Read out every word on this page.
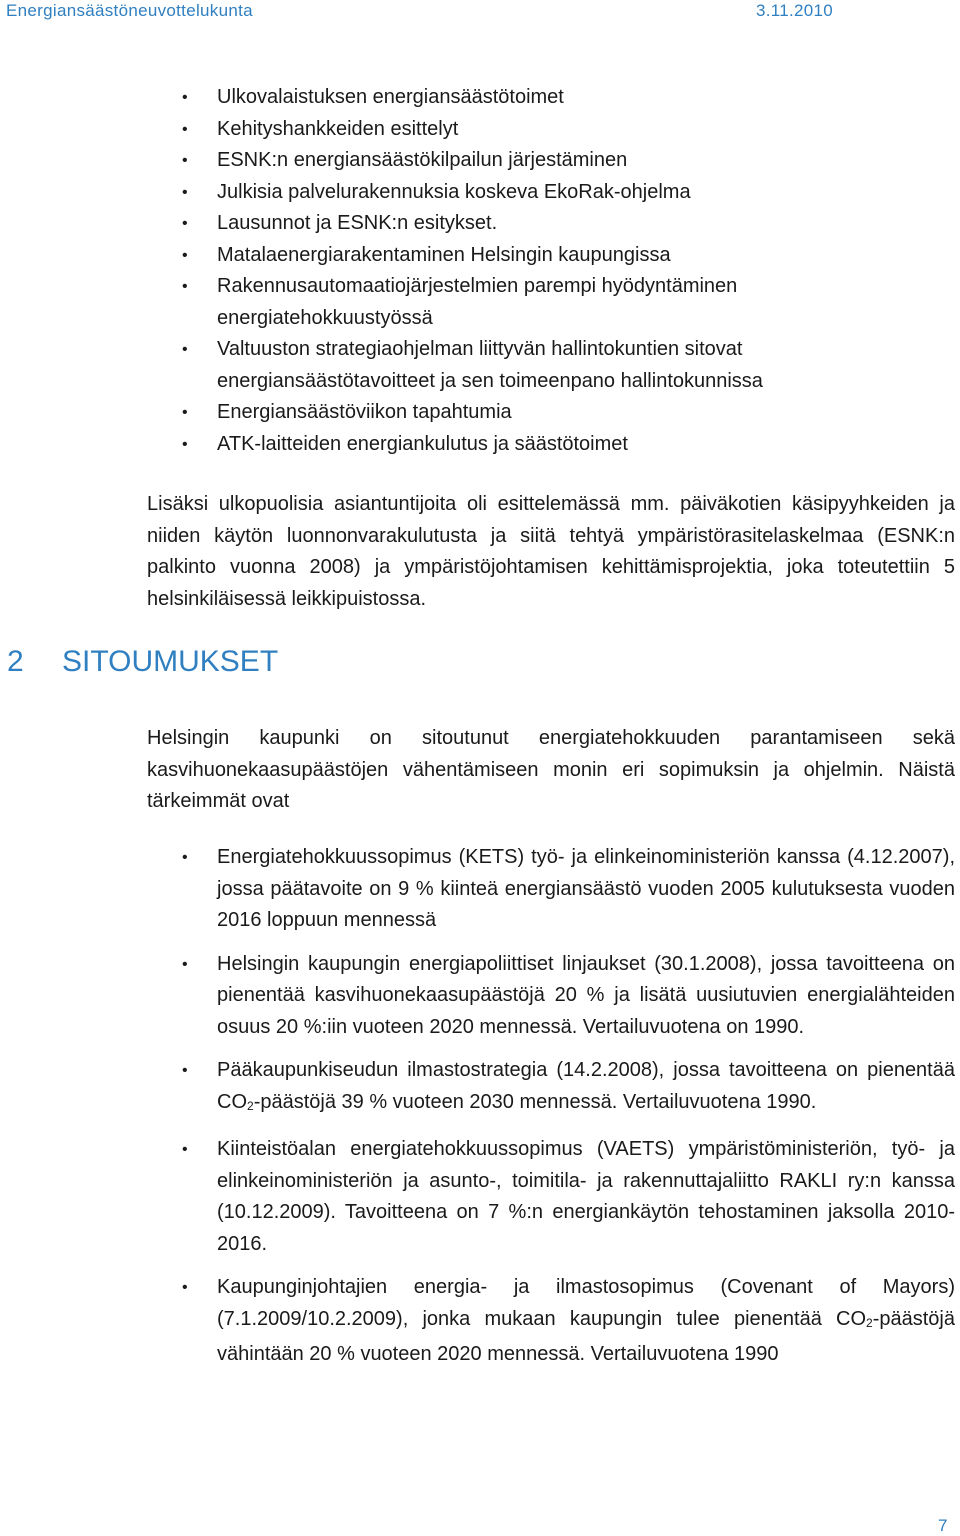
Energiansäästöneuvottelukunta	3.11.2010
• Ulkovalaistuksen energiansäästötoimet
• Kehityshankkeiden esittelyt
• ESNK:n energiansäästökilpailun järjestäminen
• Julkisia palvelurakennuksia koskeva EkoRak-ohjelma
• Lausunnot ja ESNK:n esitykset.
• Matalaenergiarakentaminen Helsingin kaupungissa
• Rakennusautomaatiojärjestelmien parempi hyödyntäminen energiatehokkuustyössä
• Valtuuston strategiaohjelman liittyvän hallintokuntien sitovat energiansäästötavoitteet ja sen toimeenpano hallintokunnissa
• Energiansäästöviikon tapahtumia
• ATK-laitteiden energiankulutus ja säästötoimet

Lisäksi ulkopuolisia asiantuntijoita oli esittelemässä mm. päiväkotien käsipyyhkeiden ja niiden käytön luonnonvarakulutusta ja siitä tehtyä ympäristörasitelaskelmaa (ESNK:n palkinto vuonna 2008) ja ympäristöjohtamisen kehittämisprojektia, joka toteutettiin 5 helsinkiläisessä leikkipuistossa.

2 SITOUMUKSET

Helsingin kaupunki on sitoutunut energiatehokkuuden parantamiseen sekä kasvihuonekaasupäästöjen vähentämiseen monin eri sopimuksin ja ohjelmin. Näistä tärkeimmät ovat

• Energiatehokkuussopimus (KETS) työ- ja elinkeinoministeriön kanssa (4.12.2007), jossa päätavoite on 9 % kiinteä energiansäästö vuoden 2005 kulutuksesta vuoden 2016 loppuun mennessä
• Helsingin kaupungin energiapoliittiset linjaukset (30.1.2008), jossa tavoitteena on pienentää kasvihuonekaasupäästöjä 20 % ja lisätä uusiutuvien energialähteiden osuus 20 %:iin vuoteen 2020 mennessä. Vertailuvuotena on 1990.
• Pääkaupunkiseudun ilmastostrategia (14.2.2008), jossa tavoitteena on pienentää $CO_2$-päästöjä 39 % vuoteen 2030 mennessä. Vertailuvuotena 1990.
• Kiinteistöalan energiatehokkuussopimus (VAETS) ympäristöministeriön, työ- ja elinkeinoministeriön ja asunto-, toimitila- ja rakennuttajaliitto RAKLI ry:n kanssa (10.12.2009). Tavoitteena on 7 %:n energiankäytön tehostaminen jaksolla 2010-2016.
• Kaupunginjohtajien energia- ja ilmastosopimus (Covenant of Mayors) (7.1.2009/10.2.2009), jonka mukaan kaupungin tulee pienentää $CO_2$-päästöjä vähintään 20 % vuoteen 2020 mennessä. Vertailuvuotena 1990
7
